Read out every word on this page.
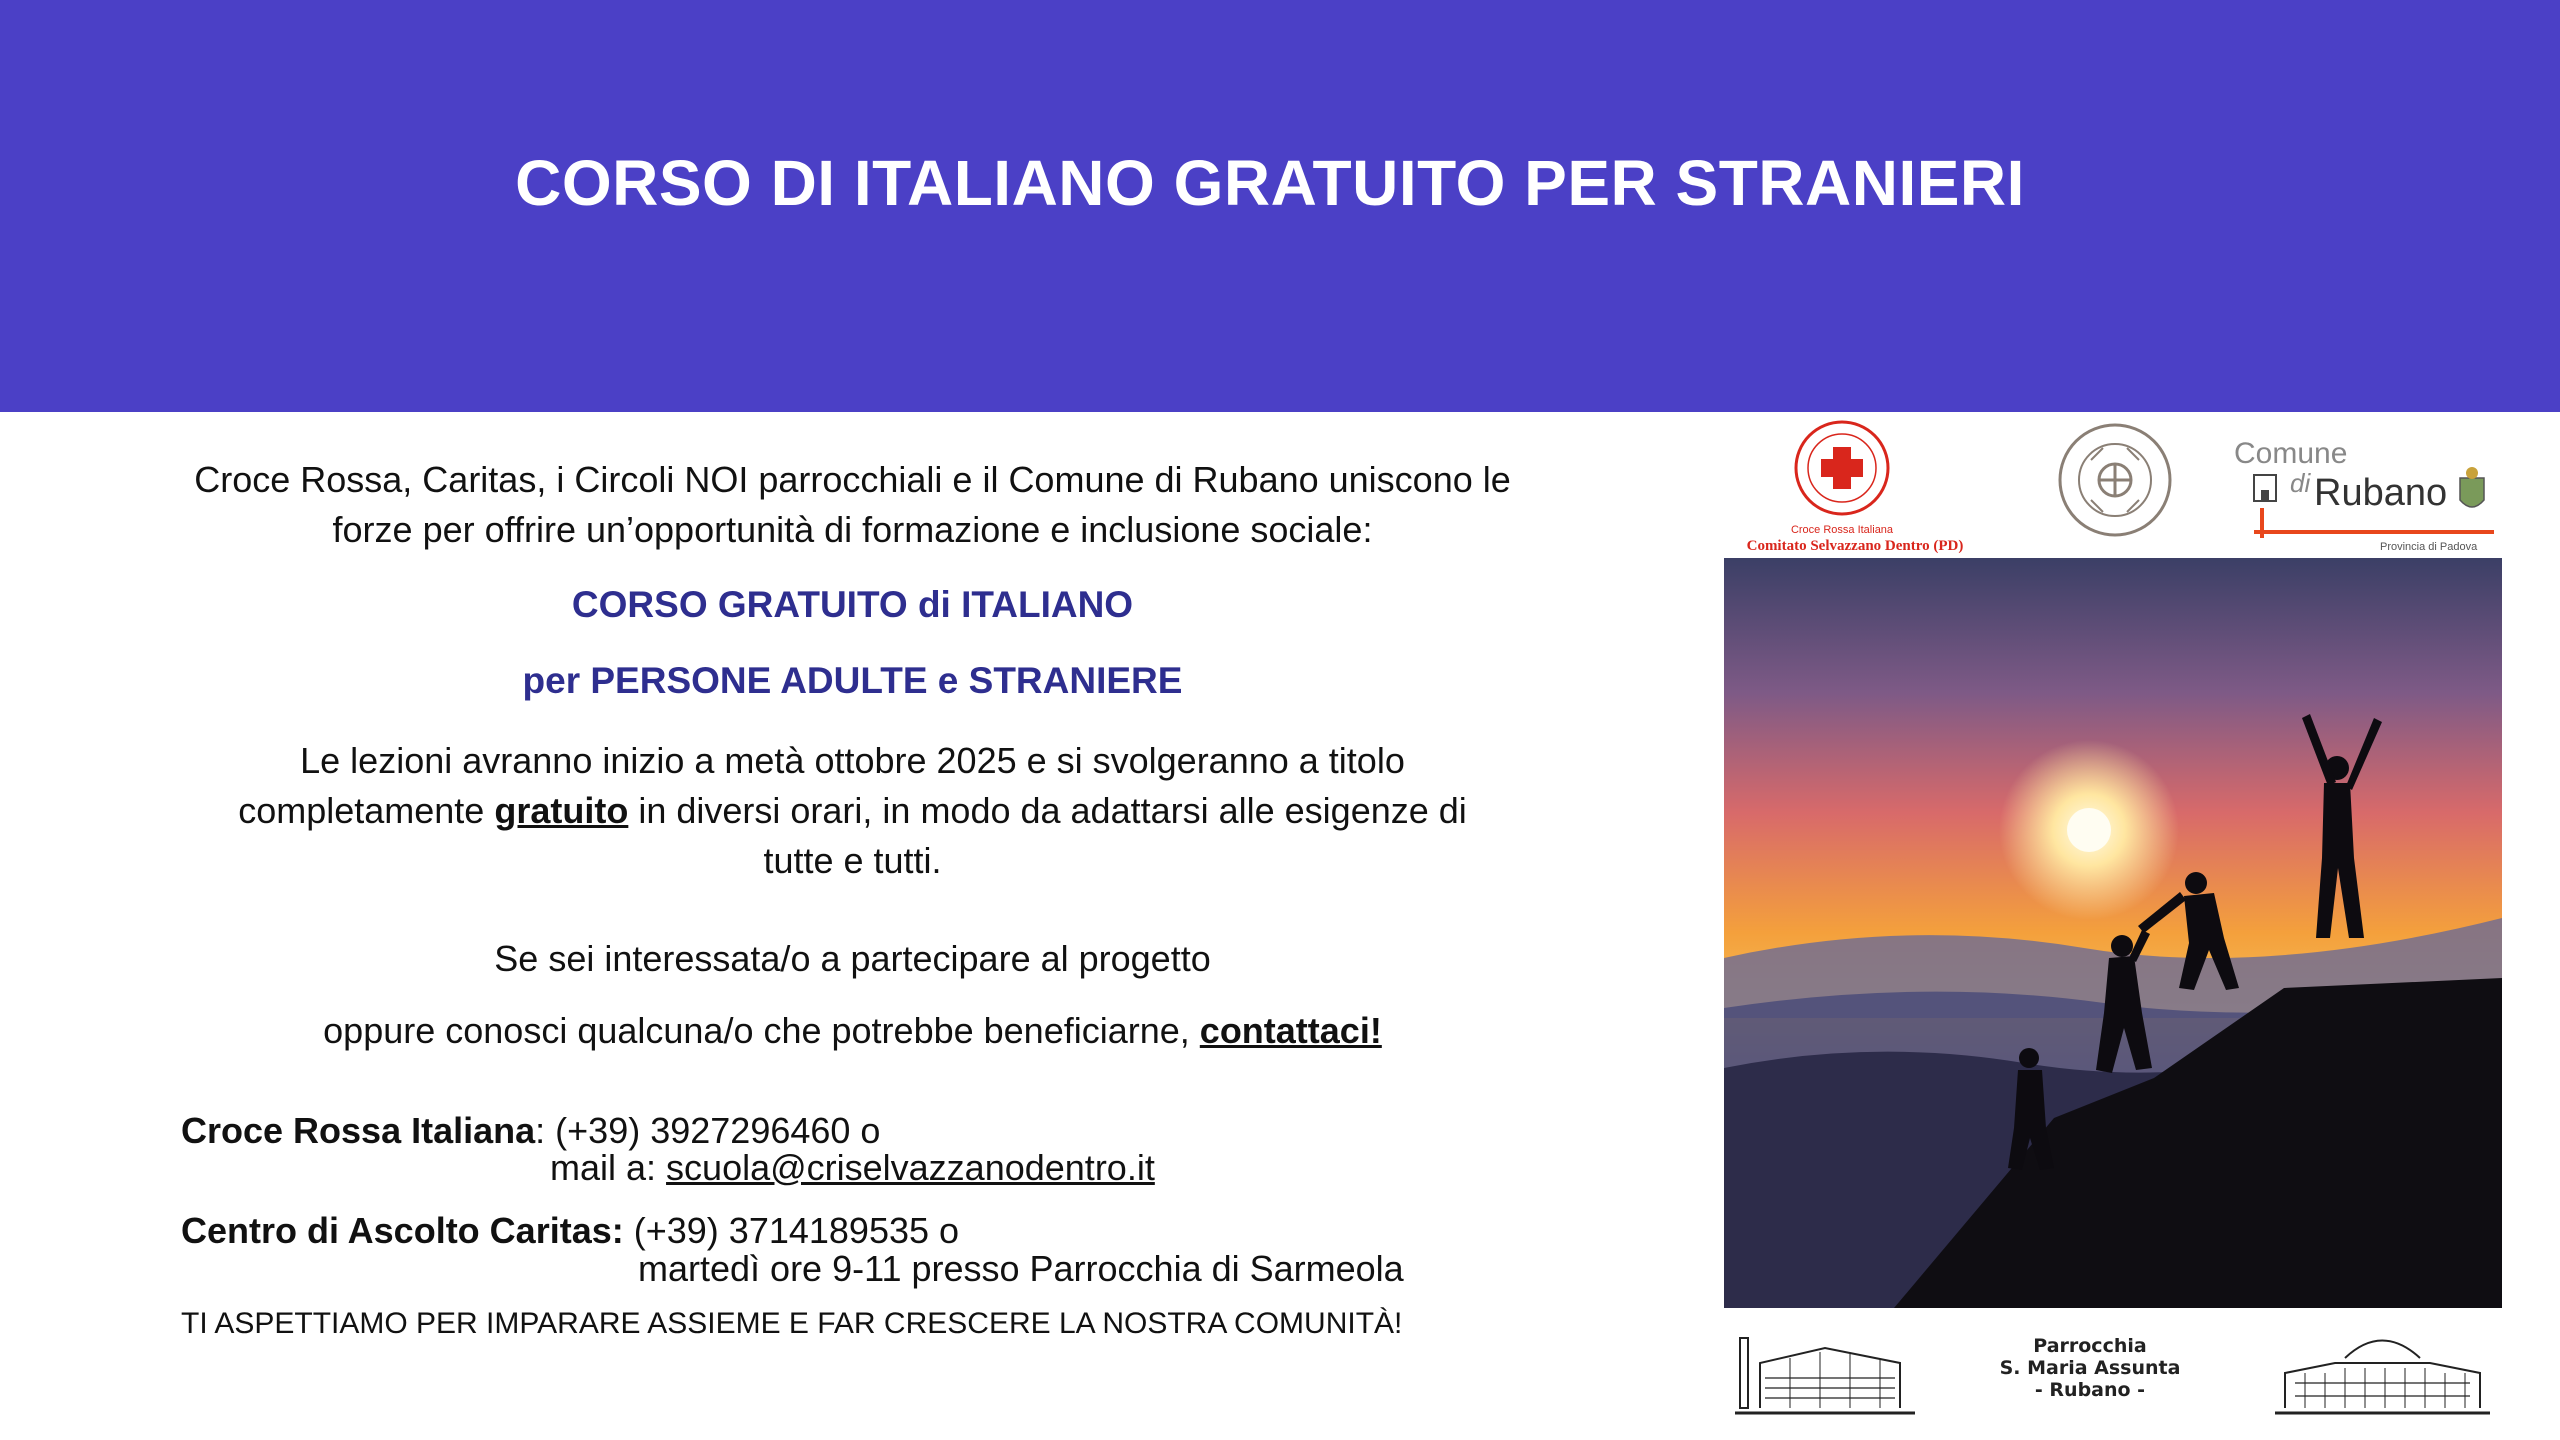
CORSO DI ITALIANO GRATUITO PER STRANIERI
Croce Rossa, Caritas, i Circoli NOI parrocchiali e il Comune di Rubano uniscono le
forze per offrire un’opportunità di formazione e inclusione sociale:
CORSO GRATUITO di ITALIANO
per PERSONE ADULTE e STRANIERE
Le lezioni avranno inizio a metà ottobre 2025 e si svolgeranno a titolo
completamente gratuito in diversi orari, in modo da adattarsi alle esigenze di
tutte e tutti.
Se sei interessata/o a partecipare al progetto
oppure conosci qualcuna/o che potrebbe beneficiarne, contattaci!
Croce Rossa Italiana: (+39) 3927296460 o
mail a: scuola@criselvazzanodentro.it
Centro di Ascolto Caritas: (+39) 3714189535 o
martedì ore 9-11 presso Parrocchia di Sarmeola
TI ASPETTIAMO PER IMPARARE ASSIEME E FAR CRESCERE LA NOSTRA COMUNITÀ!
Croce Rossa Italiana
Comitato Selvazzano Dentro (PD)
Comune
di Rubano
Provincia di Padova
Parrocchia
S. Maria Assunta
- Rubano -
